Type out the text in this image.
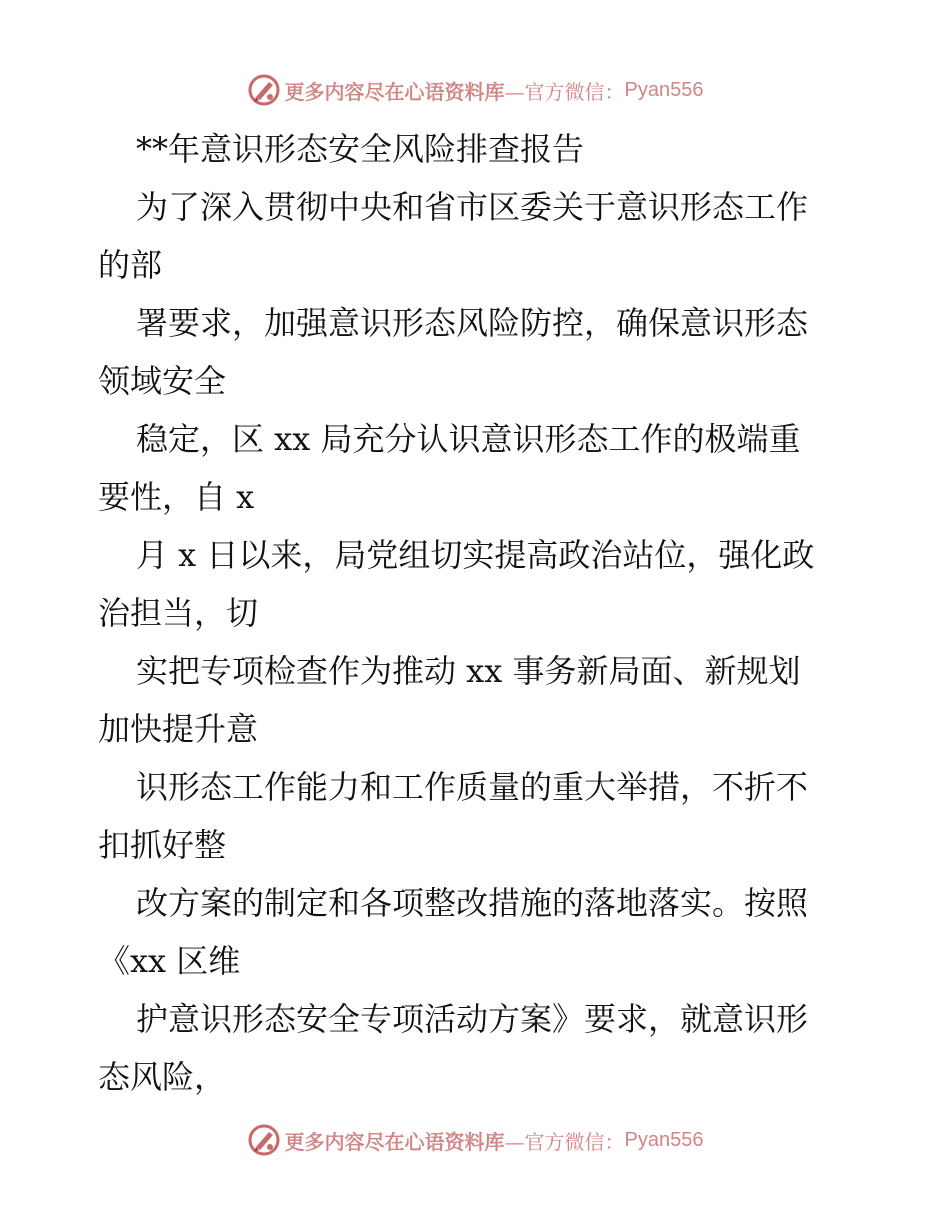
更多内容尽在心语资料库 —官方微信： Pyan556

**年意识形态安全风险排查报告

为了深入贯彻中央和省市区委关于意识形态工作

的部

署要求，加强意识形态风险防控，确保意识形态

领域安全

稳定，区 xx 局充分认识意识形态工作的极端重

要性，自 x

月 x 日以来，局党组切实提高政治站位，强化政

治担当，切

实把专项检查作为推动 xx 事务新局面、新规划

加快提升意

识形态工作能力和工作质量的重大举措，不折不

扣抓好整

改方案的制定和各项整改措施的落地落实。按照

《xx 区维

护意识形态安全专项活动方案》要求，就意识形

态风险，

更多内容尽在心语资料库 —官方微信： Pyan556
